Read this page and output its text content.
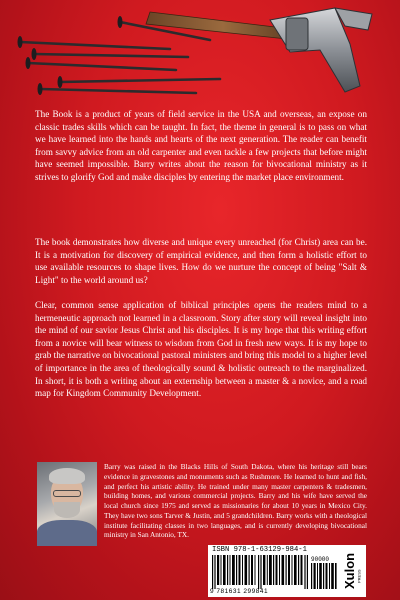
The Book is a product of years of field service in the USA and overseas, an expose on classic trades skills which can be taught. In fact, the theme in general is to pass on what we have learned into the hands and hearts of the next generation. The reader can benefit from savvy advice from an old carpenter and even tackle a few projects that before might have seemed impossible. Barry writes about the reason for bivocational ministry as it strives to glorify God and make disciples by entering the market place environment.

The book demonstrates how diverse and unique every unreached (for Christ) area can be. It is a motivation for discovery of empirical evidence, and then form a holistic effort to use available resources to shape lives. How do we nurture the concept of being "Salt & Light" to the world around us?

Clear, common sense application of biblical principles opens the readers mind to a hermeneutic approach not learned in a classroom. Story after story will reveal insight into the mind of our savior Jesus Christ and his disciples. It is my hope that this writing effort from a novice will bear witness to wisdom from God in fresh new ways. It is my hope to grab the narrative on bivocational pastoral ministers and bring this model to a higher level of importance in the area of theologically sound & holistic outreach to the marginalized. In short, it is both a writing about an externship between a master & a novice, and a road map for Kingdom Community Development.

Barry was raised in the Blacks Hills of South Dakota, where his heritage still bears evidence in gravestones and monuments such as Rushmore. He learned to hunt and fish, and perfect his artistic ability. He trained under many master carpenters & tradesmen, building homes, and various commercial projects. Barry and his wife have served the local church since 1975 and served as missionaries for about 10 years in Mexico City. They have two sons Tarver & Justin, and 5 grandchildren. Barry works with a theological institute facilitating classes in two languages, and is currently developing bivocational ministry in San Antonio, TX.

ISBN 978-1-63129-984-1
90000
9 781631 299841
Xulon PRESS
